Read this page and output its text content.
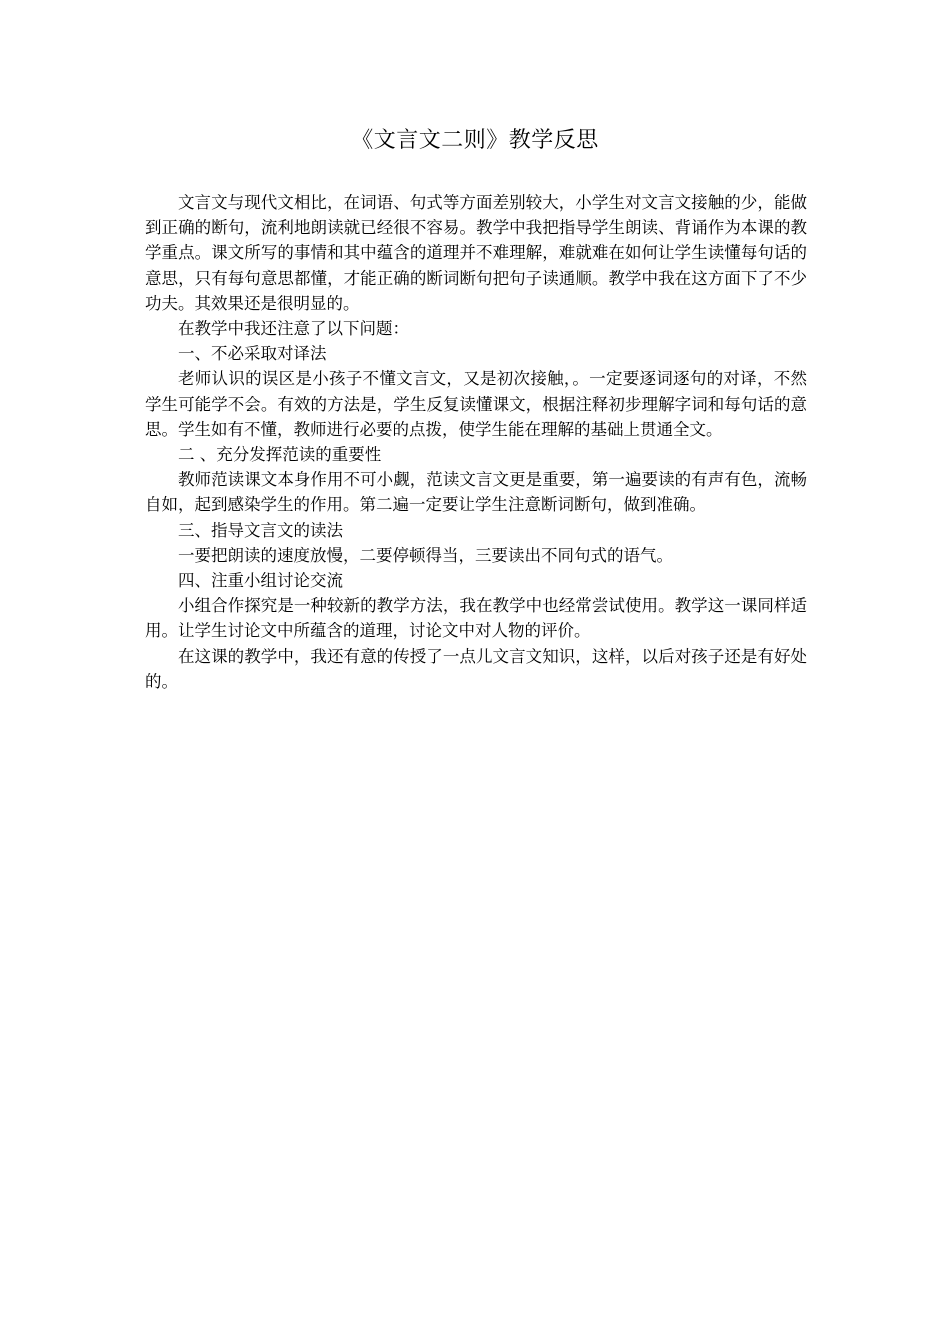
《文言文二则》教学反思

文言文与现代文相比，在词语、句式等方面差别较大，小学生对文言文接触的少，能做到正确的断句，流利地朗读就已经很不容易。教学中我把指导学生朗读、背诵作为本课的教学重点。课文所写的事情和其中蕴含的道理并不难理解，难就难在如何让学生读懂每句话的意思，只有每句意思都懂，才能正确的断词断句把句子读通顺。教学中我在这方面下了不少功夫。其效果还是很明显的。

在教学中我还注意了以下问题：

一、不必采取对译法

老师认识的误区是小孩子不懂文言文，又是初次接触，。一定要逐词逐句的对译，不然学生可能学不会。有效的方法是，学生反复读懂课文，根据注释初步理解字词和每句话的意思。学生如有不懂，教师进行必要的点拨，使学生能在理解的基础上贯通全文。

二 、充分发挥范读的重要性

教师范读课文本身作用不可小觑，范读文言文更是重要，第一遍要读的有声有色，流畅自如，起到感染学生的作用。第二遍一定要让学生注意断词断句，做到准确。

三、指导文言文的读法

一要把朗读的速度放慢，二要停顿得当，三要读出不同句式的语气。

四、注重小组讨论交流

小组合作探究是一种较新的教学方法，我在教学中也经常尝试使用。教学这一课同样适用。让学生讨论文中所蕴含的道理，讨论文中对人物的评价。

在这课的教学中，我还有意的传授了一点儿文言文知识，这样，以后对孩子还是有好处的。
